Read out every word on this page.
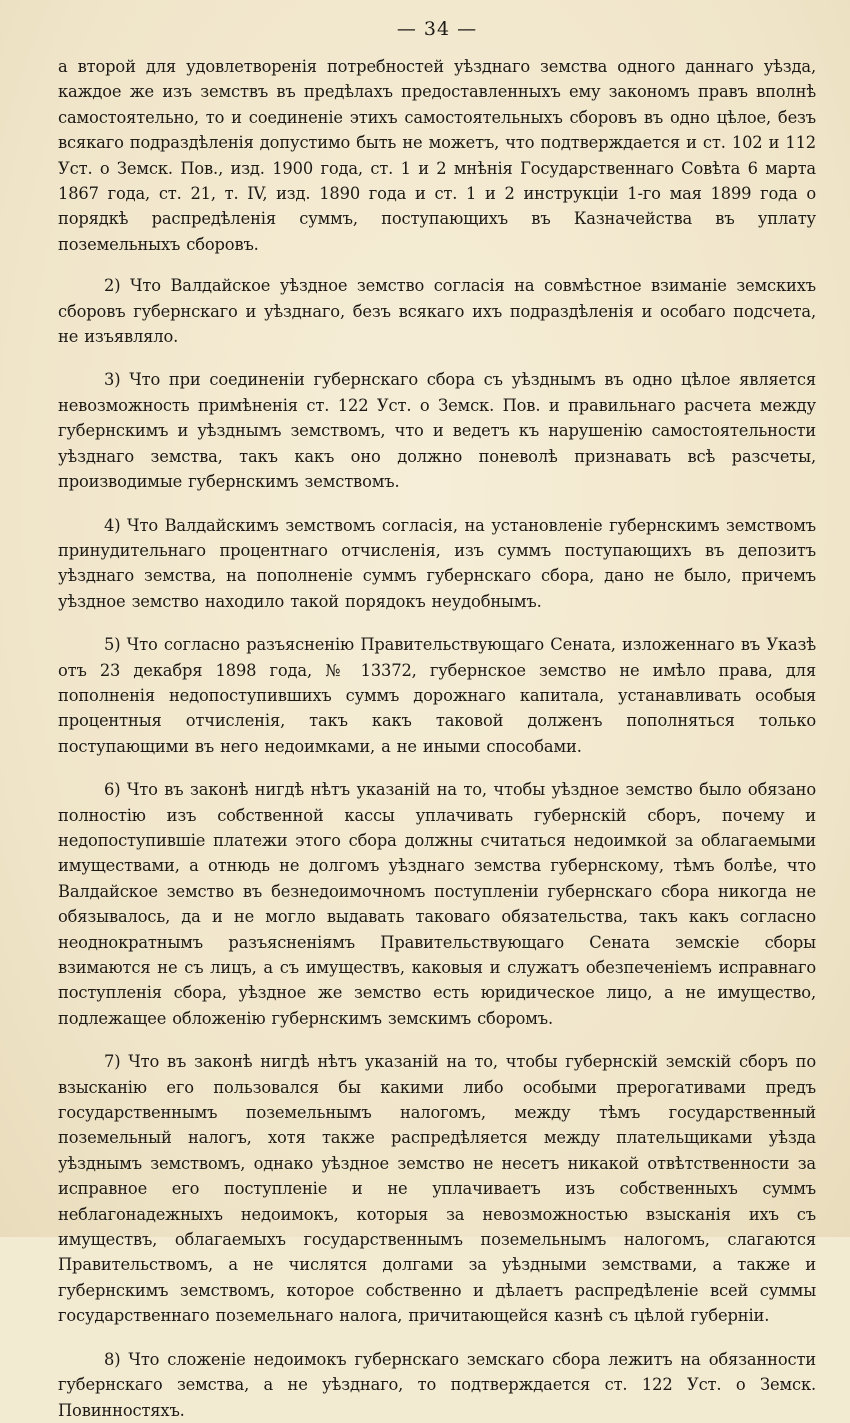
— 34 —

а второй для удовлетворенія потребностей уѣзднаго земства одного даннаго уѣзда, каждое же изъ земствъ въ предѣлахъ предоставленныхъ ему закономъ правъ вполнѣ самостоятельно, то и соединеніе этихъ самостоятельныхъ сборовъ въ одно цѣлое, безъ всякаго подраздѣленія допустимо быть не можетъ, что подтверждается и ст. 102 и 112 Уст. о Земск. Пов., изд. 1900 года, ст. 1 и 2 мнѣнія Государственнаго Совѣта 6 марта 1867 года, ст. 21, т. IV, изд. 1890 года и ст. 1 и 2 инструкціи 1-го мая 1899 года о порядкѣ распредѣленія суммъ, поступающихъ въ Казначейства въ уплату поземельныхъ сборовъ.

2) Что Валдайское уѣздное земство согласія на совмѣстное взиманіе земскихъ сборовъ губернскаго и уѣзднаго, безъ всякаго ихъ подраздѣленія и особаго подсчета, не изъявляло.

3) Что при соединеніи губернскаго сбора съ уѣзднымъ въ одно цѣлое является невозможность примѣненія ст. 122 Уст. о Земск. Пов. и правильнаго расчета между губернскимъ и уѣзднымъ земствомъ, что и ведетъ къ нарушенію самостоятельности уѣзднаго земства, такъ какъ оно должно поневолѣ признавать всѣ разсчеты, производимые губернскимъ земствомъ.

4) Что Валдайскимъ земствомъ согласія, на установленіе губернскимъ земствомъ принудительнаго процентнаго отчисленія, изъ суммъ поступающихъ въ депозитъ уѣзднаго земства, на пополненіе суммъ губернскаго сбора, дано не было, причемъ уѣздное земство находило такой порядокъ неудобнымъ.

5) Что согласно разъясненію Правительствующаго Сената, изложеннаго въ Указѣ отъ 23 декабря 1898 года, № 13372, губернское земство не имѣло права, для пополненія недопоступившихъ суммъ дорожнаго капитала, устанавливать особыя процентныя отчисленія, такъ какъ таковой долженъ пополняться только поступающими въ него недоимками, а не иными способами.

6) Что въ законѣ нигдѣ нѣтъ указаній на то, чтобы уѣздное земство было обязано полностію изъ собственной кассы уплачивать губернскій сборъ, почему и недопоступившіе платежи этого сбора должны считаться недоимкой за облагаемыми имуществами, а отнюдь не долгомъ уѣзднаго земства губернскому, тѣмъ болѣе, что Валдайское земство въ безнедоимочномъ поступленіи губернскаго сбора никогда не обязывалось, да и не могло выдавать таковаго обязательства, такъ какъ согласно неоднократнымъ разъясненіямъ Правительствующаго Сената земскіе сборы взимаются не съ лицъ, а съ имуществъ, каковыя и служатъ обезпеченіемъ исправнаго поступленія сбора, уѣздное же земство есть юридическое лицо, а не имущество, подлежащее обложенію губернскимъ земскимъ сборомъ.

7) Что въ законѣ нигдѣ нѣтъ указаній на то, чтобы губернскій земскій сборъ по взысканію его пользовался бы какими либо особыми прерогативами предъ государственнымъ поземельнымъ налогомъ, между тѣмъ государственный поземельный налогъ, хотя также распредѣляется между плательщиками уѣзда уѣзднымъ земствомъ, однако уѣздное земство не несетъ никакой отвѣтственности за исправное его поступленіе и не уплачиваетъ изъ собственныхъ суммъ неблагонадежныхъ недоимокъ, которыя за невозможностью взысканія ихъ съ имуществъ, облагаемыхъ государственнымъ поземельнымъ налогомъ, слагаются Правительствомъ, а не числятся долгами за уѣздными земствами, а также и губернскимъ земствомъ, которое собственно и дѣлаетъ распредѣленіе всей суммы государственнаго поземельнаго налога, причитающейся казнѣ съ цѣлой губерніи.

8) Что сложеніе недоимокъ губернскаго земскаго сбора лежитъ на обязанности губернскаго земства, а не уѣзднаго, то подтверждается ст. 122 Уст. о Земск. Повинностяхъ.
